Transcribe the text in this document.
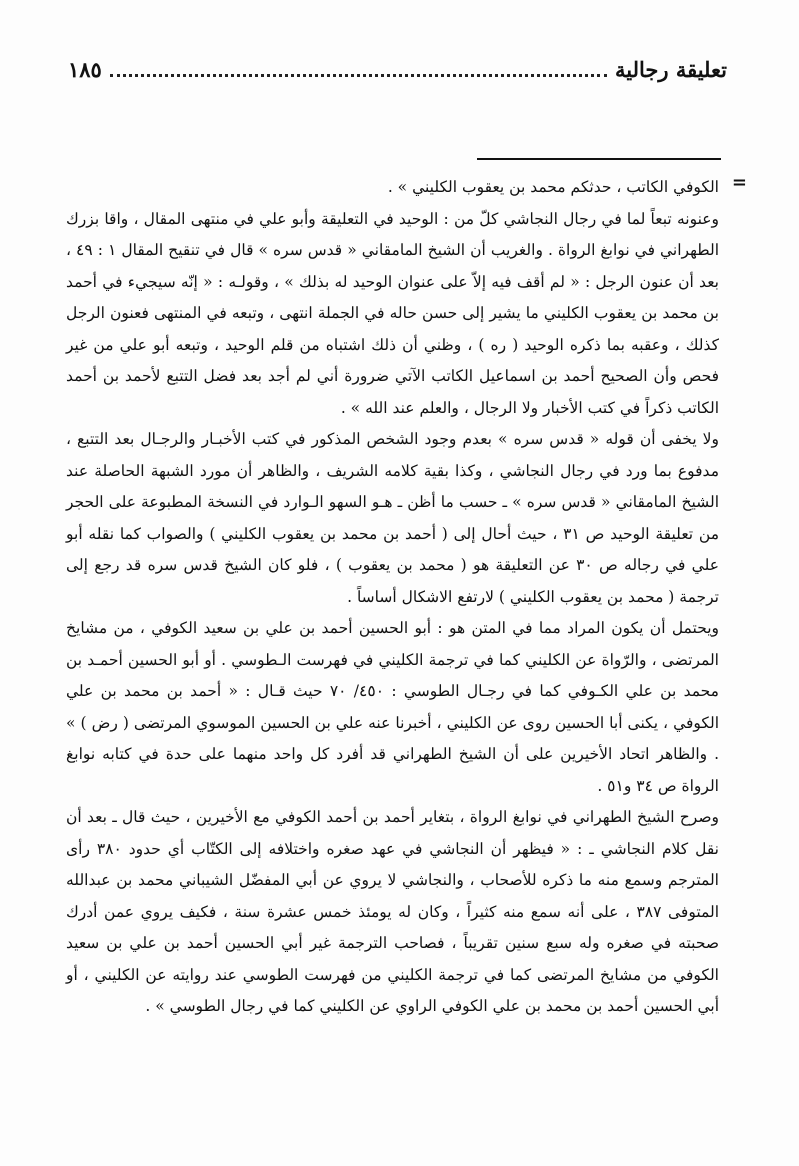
تعليقة رجالية
١٨٥
=

الكوفي الكاتب ، حدثكم محمد بن يعقوب الكليني » .

وعنونه تبعاً لما في رجال النجاشي كلّ من : الوحيد في التعليقة وأبو علي في منتهى المقال ، واقا بزرك الطهراني في نوابغ الرواة . والغريب أن الشيخ المامقاني « قدس سره » قال في تنقيح المقال ١ : ٤٩ ، بعد أن عنون الرجل : « لم أقف فيه إلاّ على عنوان الوحيد له بذلك » ، وقولـه : « إنّه سيجيء في أحمد بن محمد بن يعقوب الكليني ما يشير إلى حسن حاله في الجملة انتهى ، وتبعه في المنتهى فعنون الرجل كذلك ، وعقبه بما ذكره الوحيد ( ره ) ، وظني أن ذلك اشتباه من قلم الوحيد ، وتبعه أبو علي من غير فحص وأن الصحيح أحمد بن اسماعيل الكاتب الآتي ضرورة أني لم أجد بعد فضل التتبع لأحمد بن أحمد الكاتب ذكراً في كتب الأخبار ولا الرجال ، والعلم عند الله » .

ولا يخفى أن قوله « قدس سره » بعدم وجود الشخص المذكور في كتب الأخبـار والرجـال بعد التتبع ، مدفوع بما ورد في رجال النجاشي ، وكذا بقية كلامه الشريف ، والظاهر أن مورد الشبهة الحاصلة عند الشيخ المامقاني « قدس سره » ـ حسب ما أظن ـ هـو السهو الـوارد في النسخة المطبوعة على الحجر من تعليقة الوحيد ص ٣١ ، حيث أحال إلى ( أحمد بن محمد بن يعقوب الكليني ) والصواب كما نقله أبو علي في رجاله ص ٣٠ عن التعليقة هو ( محمد بن يعقوب ) ، فلو كان الشيخ قدس سره قد رجع إلى ترجمة ( محمد بن يعقوب الكليني ) لارتفع الاشكال أساساً .

ويحتمل أن يكون المراد مما في المتن هو : أبو الحسين أحمد بن علي بن سعيد الكوفي ، من مشايخ المرتضى ، والرّواة عن الكليني كما في ترجمة الكليني في فهرست الـطوسي . أو أبو الحسين أحمـد بن محمد بن علي الكـوفي كما في رجـال الطوسي : ٤٥٠/ ٧٠ حيث قـال : « أحمد بن محمد بن علي الكوفي ، يكنى أبا الحسين روى عن الكليني ، أخبرنا عنه علي بن الحسين الموسوي المرتضى ( رض ) » . والظاهر اتحاد الأخيرين على أن الشيخ الطهراني قد أفرد كل واحد منهما على حدة في كتابه نوابغ الرواة ص ٣٤ و٥١ .

وصرح الشيخ الطهراني في نوابغ الرواة ، بتغاير أحمد بن أحمد الكوفي مع الأخيرين ، حيث قال ـ بعد أن نقل كلام النجاشي ـ : « فيظهر أن النجاشي في عهد صغره واختلافه إلى الكتّاب أي حدود ٣٨٠ رأى المترجم وسمع منه ما ذكره للأصحاب ، والنجاشي لا يروي عن أبي المفضّل الشيباني محمد بن عبدالله المتوفى ٣٨٧ ، على أنه سمع منه كثيراً ، وكان له يومئذ خمس عشرة سنة ، فكيف يروي عمن أدرك صحبته في صغره وله سبع سنين تقريباً ، فصاحب الترجمة غير أبي الحسين أحمد بن علي بن سعيد الكوفي من مشايخ المرتضى كما في ترجمة الكليني من فهرست الطوسي عند روايته عن الكليني ، أو أبي الحسين أحمد بن محمد بن علي الكوفي الراوي عن الكليني كما في رجال الطوسي » .
